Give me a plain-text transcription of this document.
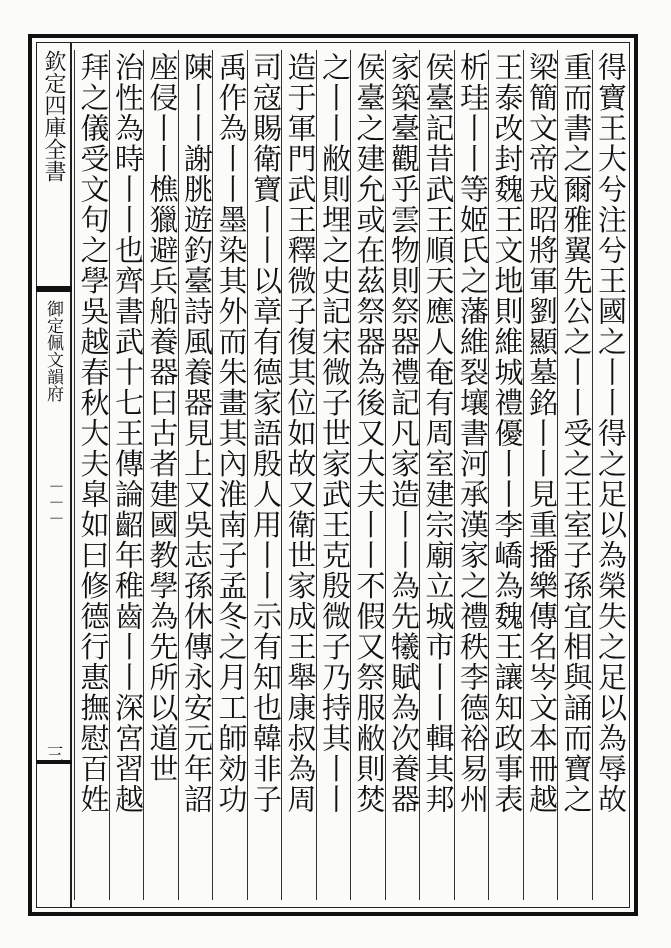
欽定四庫全書
御定佩文韻府
－－－
三	得寶王大兮注兮王國之丨丨得之足以為榮失之足以為辱故
重而書之爾雅翼先公之丨丨受之王室子孫宜相與誦而寶之
梁簡文帝戎昭將軍劉顯墓銘丨丨見重播樂傳名岑文本冊越
王泰改封魏王文地則維城禮優丨丨李嶠為魏王讓知政事表
析珪丨丨等姬氏之藩維裂壤書河承漢家之禮秩李德裕易州
侯臺記昔武王順天應人奄有周室建宗廟立城市丨丨輯其邦
家築臺觀乎雲物則祭器禮記凡家造丨丨為先犧賦為次養器
侯臺之建允或在茲祭器為後又大夫丨丨不假又祭服敝則焚
之丨丨敝則埋之史記宋微子世家武王克殷微子乃持其丨丨
造于軍門武王釋微子復其位如故又衛世家成王舉康叔為周
司寇賜衛寶丨丨以章有德家語殷人用丨丨示有知也韓非子
禹作為丨丨墨染其外而朱畫其內淮南子孟冬之月工師効功
陳丨丨謝朓遊釣臺詩風養器見上又吳志孫休傳永安元年詔
座侵丨丨樵獵避兵船養器曰古者建國教學為先所以道世
治性為時丨丨也齊書武十七王傳論齠年稚齒丨丨深宮習越
拜之儀受文句之學吳越春秋大夫皐如曰修德行惠撫慰百姓
